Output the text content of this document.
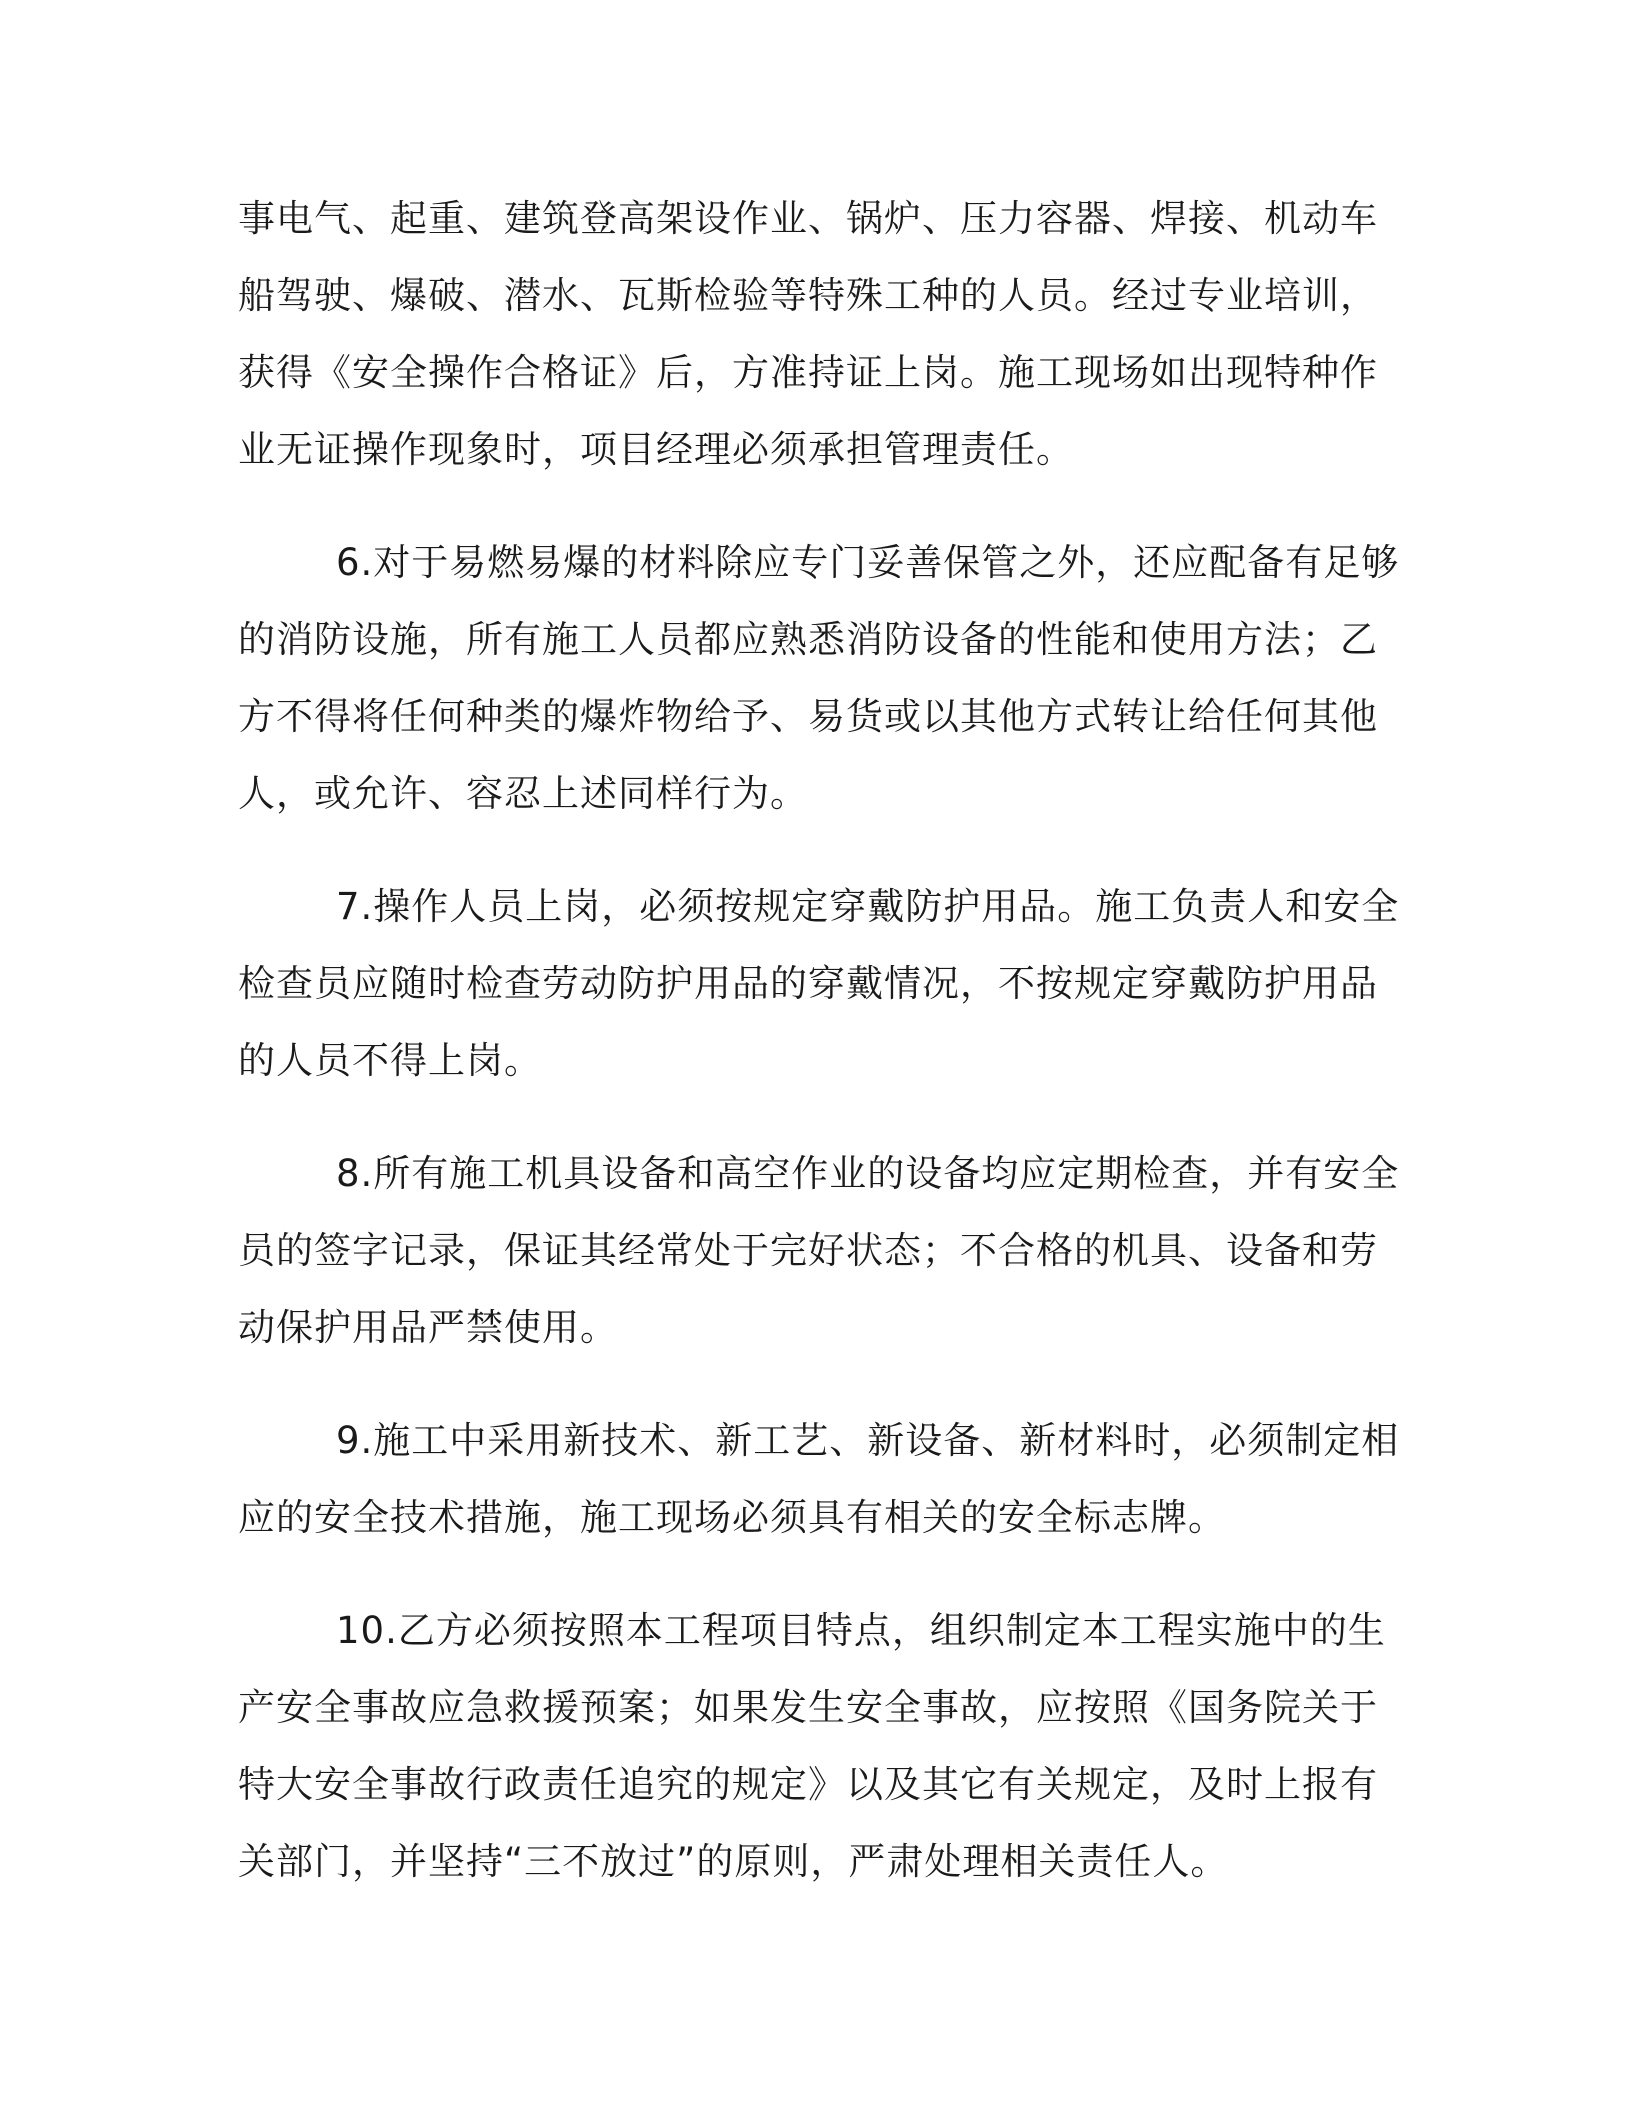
事电气、起重、建筑登高架设作业、锅炉、压力容器、焊接、机动车
船驾驶、爆破、潜水、瓦斯检验等特殊工种的人员。经过专业培训，
获得《安全操作合格证》后，方准持证上岗。施工现场如出现特种作
业无证操作现象时，项目经理必须承担管理责任。

6.对于易燃易爆的材料除应专门妥善保管之外，还应配备有足够
的消防设施，所有施工人员都应熟悉消防设备的性能和使用方法；乙
方不得将任何种类的爆炸物给予、易货或以其他方式转让给任何其他
人，或允许、容忍上述同样行为。

7.操作人员上岗，必须按规定穿戴防护用品。施工负责人和安全
检查员应随时检查劳动防护用品的穿戴情况，不按规定穿戴防护用品
的人员不得上岗。

8.所有施工机具设备和高空作业的设备均应定期检查，并有安全
员的签字记录，保证其经常处于完好状态；不合格的机具、设备和劳
动保护用品严禁使用。

9.施工中采用新技术、新工艺、新设备、新材料时，必须制定相
应的安全技术措施，施工现场必须具有相关的安全标志牌。

10.乙方必须按照本工程项目特点，组织制定本工程实施中的生
产安全事故应急救援预案；如果发生安全事故，应按照《国务院关于
特大安全事故行政责任追究的规定》以及其它有关规定，及时上报有
关部门，并坚持“三不放过”的原则，严肃处理相关责任人。
